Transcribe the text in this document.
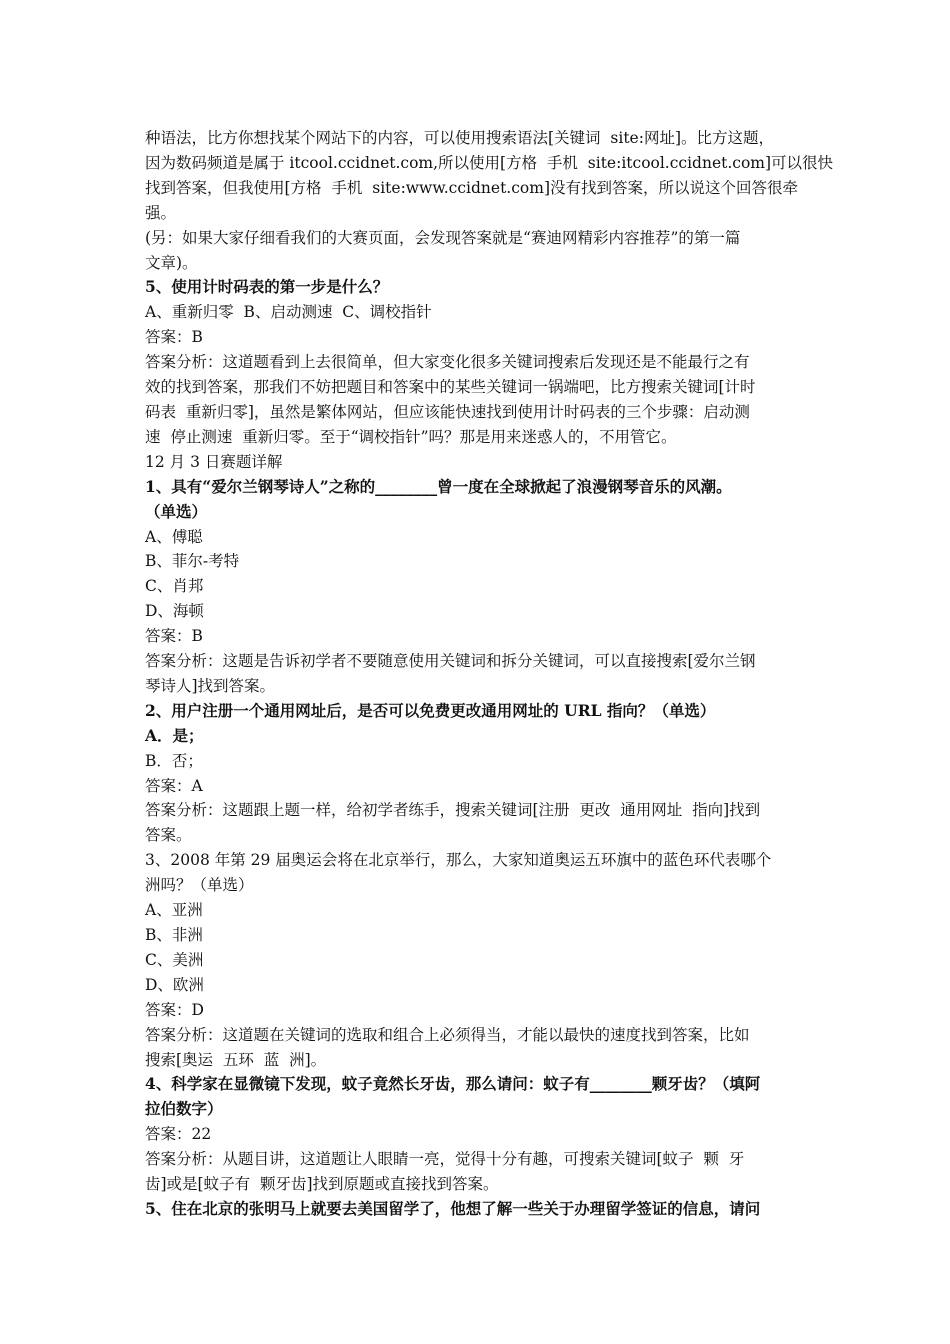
种语法，比方你想找某个网站下的内容，可以使用搜索语法[关键词  site:网址]。比方这题，
因为数码频道是属于 itcool.ccidnet.com,所以使用[方格  手机  site:itcool.ccidnet.com]可以很快
找到答案，但我使用[方格  手机  site:www.ccidnet.com]没有找到答案，所以说这个回答很牵
强。
(另：如果大家仔细看我们的大赛页面，会发现答案就是“赛迪网精彩内容推荐”的第一篇
文章)。
5、使用计时码表的第一步是什么？
A、重新归零  B、启动测速  C、调校指针
答案：B
答案分析：这道题看到上去很简单，但大家变化很多关键词搜索后发现还是不能最行之有
效的找到答案，那我们不妨把题目和答案中的某些关键词一锅端吧，比方搜索关键词[计时
码表  重新归零]，虽然是繁体网站，但应该能快速找到使用计时码表的三个步骤：启动测
速  停止测速  重新归零。至于“调校指针”吗？那是用来迷惑人的，不用管它。
12 月 3 日赛题详解
1、具有“爱尔兰钢琴诗人”之称的________曾一度在全球掀起了浪漫钢琴音乐的风潮。
（单选）
A、傅聪
B、菲尔-考特
C、肖邦
D、海顿
答案：B
答案分析：这题是告诉初学者不要随意使用关键词和拆分关键词，可以直接搜索[爱尔兰钢
琴诗人]找到答案。
2、用户注册一个通用网址后，是否可以免费更改通用网址的 URL 指向？（单选）
A．是；
B．否；
答案：A
答案分析：这题跟上题一样，给初学者练手，搜索关键词[注册  更改  通用网址  指向]找到
答案。
3、2008 年第 29 届奥运会将在北京举行，那么，大家知道奥运五环旗中的蓝色环代表哪个
洲吗？（单选）
A、亚洲
B、非洲
C、美洲
D、欧洲
答案：D
答案分析：这道题在关键词的选取和组合上必须得当，才能以最快的速度找到答案，比如
搜索[奥运  五环  蓝  洲]。
4、科学家在显微镜下发现，蚊子竟然长牙齿，那么请问：蚊子有________颗牙齿？（填阿
拉伯数字）
答案：22
答案分析：从题目讲，这道题让人眼睛一亮，觉得十分有趣，可搜索关键词[蚊子  颗  牙
齿]或是[蚊子有  颗牙齿]找到原题或直接找到答案。
5、住在北京的张明马上就要去美国留学了，他想了解一些关于办理留学签证的信息，请问
